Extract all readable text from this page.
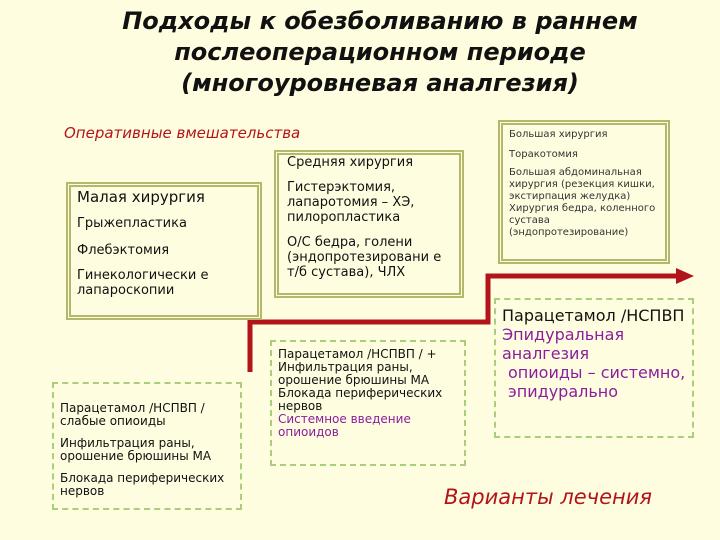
Подходы к обезболиванию в раннем
послеоперационном периоде
(многоуровневая аналгезия)
Оперативные вмешательства

Малая хирургия

Грыжепластика

Флебэктомия

Гинекологически е лапароскопии

Средняя хирургия

Гистерэктомия, лапаротомия – ХЭ, пилоропластика

О/С бедра, голени (эндопротезировани е т/б сустава), ЧЛХ

Большая хирургия

Торакотомия

Большая абдоминальная хирургия (резекция кишки, экстирпация желудка) Хирургия бедра, коленного сустава (эндопротезирование)

Парацетамол /НСПВП / слабые опиоиды

Инфильтрация раны, орошение брюшины МА

Блокада периферических нервов

Парацетамол /НСПВП / + Инфильтрация раны, орошение брюшины МА Блокада периферических нервов

Системное введение опиоидов

Парацетамол /НСПВП

Эпидуральная аналгезия

опиоиды – системно, эпидурально

Варианты лечения
